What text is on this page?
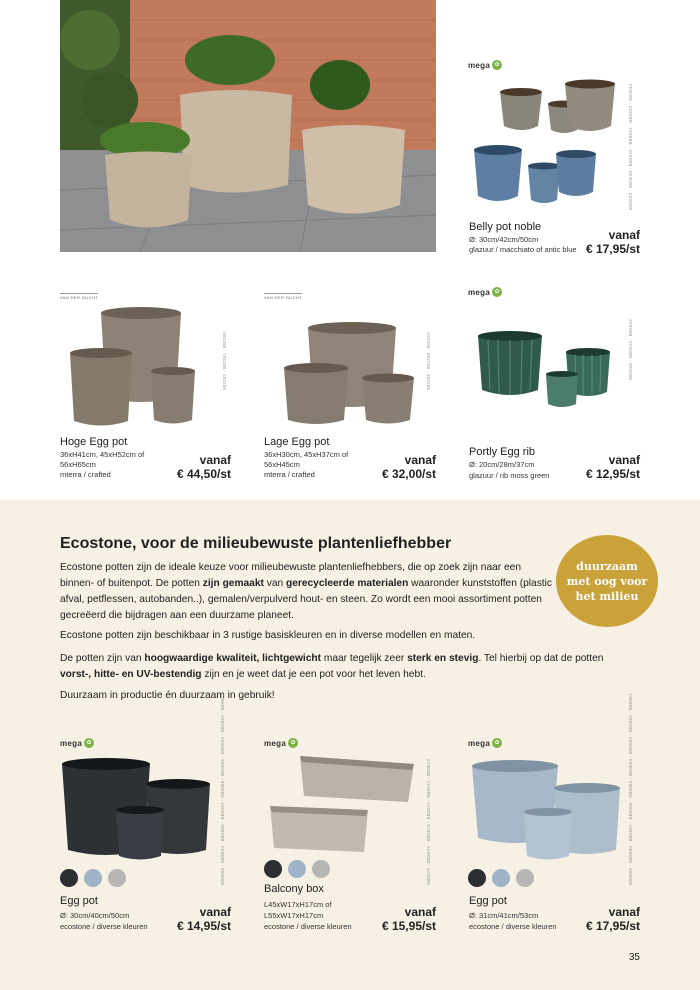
mega ✿
BB9633 · BB9630 · BB9629 · BB9631 · BB9632 · BB9634
Belly pot noble
Ø: 30cm/42cm/50cm
glazuur / macchiato of antic blue
vanaf
€ 17,95/st
VAN DER GUCHT
882262 · 882261 · 882260
Hoge Egg pot
36xH41cm, 45xH52cm of
56xH65cm
mterra / crafted
vanaf
€ 44,50/st
VAN DER GUCHT
882259 · 882258 · 882257
Lage Egg pot
36xH30cm, 45xH37cm of
56xH45cm
mterra / crafted
vanaf
€ 32,00/st
mega ✿
BB9645 · BB9644 · BB9643
Portly Egg rib
Ø: 20cm/28m/37cm
glazuur / rib moss green
vanaf
€ 12,95/st
Ecostone, voor de milieubewuste plantenliefhebber
Ecostone potten zijn de ideale keuze voor milieubewuste plantenliefhebbers, die op zoek zijn naar een binnen- of buitenpot. De potten zijn gemaakt van gerecycleerde materialen waaronder kunststoffen (plastic afval, petflessen, autobanden..), gemalen/verpulverd hout- en steen. Zo wordt een mooi assortiment potten gecreëerd die bijdragen aan een duurzame planeet.
Ecostone potten zijn beschikbaar in 3 rustige basiskleuren en in diverse modellen en maten.
De potten zijn van hoogwaardige kwaliteit, lichtgewicht maar tegelijk zeer sterk en stevig. Tel hierbij op dat de potten vorst-, hitte- en UV-bestendig zijn en je weet dat je een pot voor het leven hebt.
Duurzaam in productie én duurzaam in gebruik!
duurzaam
met oog voor
het milieu
mega ✿	BB9660 · BB9659 · BB9658 · BB9657 · BB9656 · BB9655 · BB9654 · BB9653 · BB9652
Egg pot
Ø: 30cm/40cm/50cm
ecostone / diverse kleuren
vanaf
€ 14,95/st
mega ✿
BB9675 · BB9674 · BB9673 · BB9672 · BB9671 · BB9670
Balcony box
L45xW17xH17cm of
L55xW17xH17cm
ecostone / diverse kleuren
vanaf
€ 15,95/st
mega ✿	BB9669 · BB9668 · BB9667 · BB9666 · BB9665 · BB9664 · BB9663 · BB9662 · BB9661
Egg pot
Ø: 31cm/41cm/53cm
ecostone / diverse kleuren
vanaf
€ 17,95/st
35
